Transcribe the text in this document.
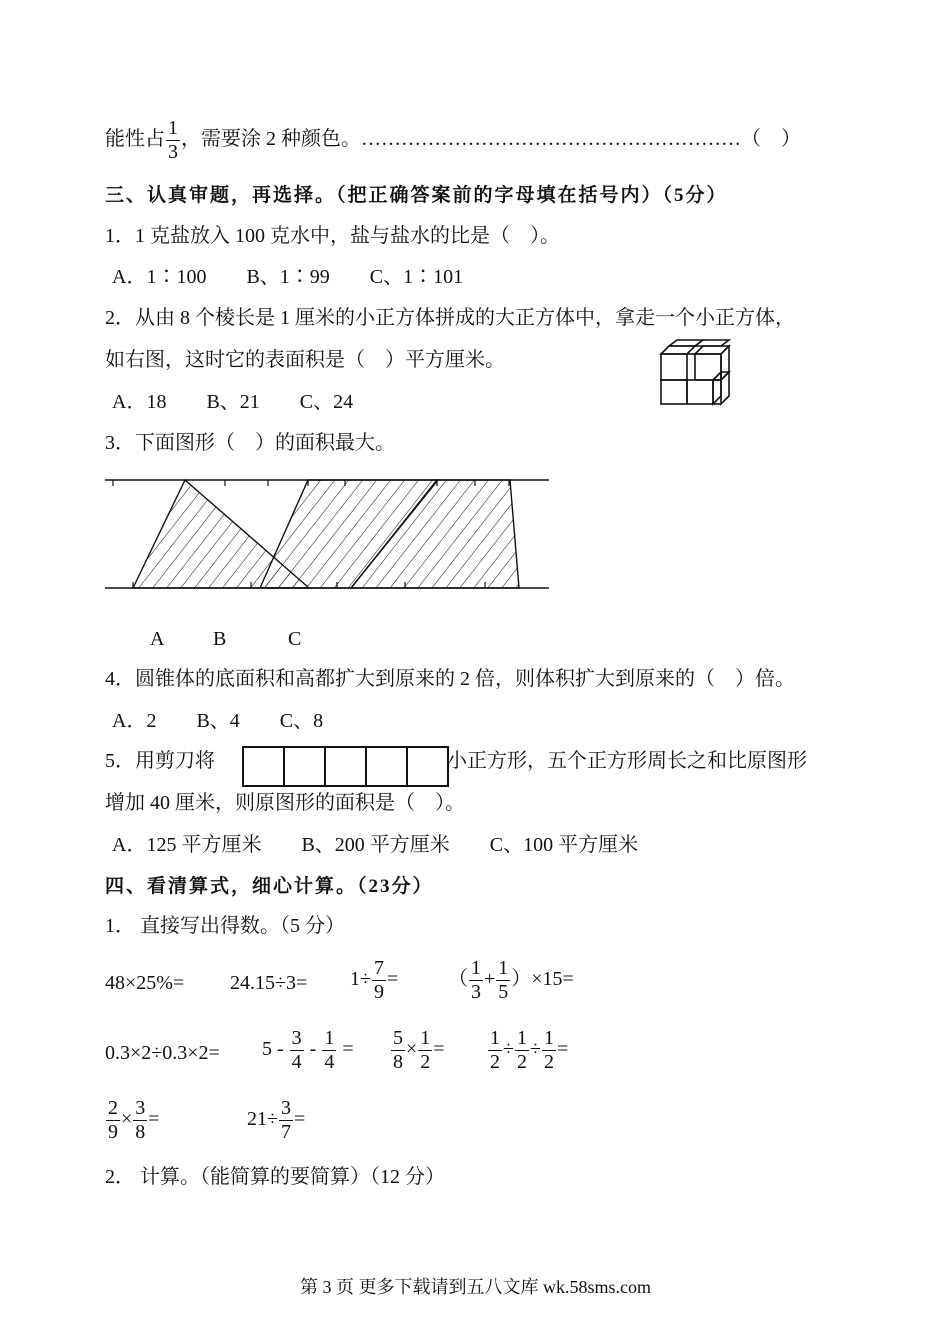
能性占 $\frac{1}{3}$ ，需要涂 2 种颜色。…………………………………………………（　）
三、认真审题，再选择。（把正确答案前的字母填在括号内）（5分）
1．1 克盐放入 100 克水中，盐与盐水的比是（　）。
A．1∶100　　B、1∶99　　C、1∶101
2．从由 8 个棱长是 1 厘米的小正方体拼成的大正方体中，拿走一个小正方体，
如右图，这时它的表面积是（　）平方厘米。
A．18　　B、21　　C、24
3．下面图形（　）的面积最大。
A B	C
4．圆锥体的底面积和高都扩大到原来的 2 倍，则体积扩大到原来的（　）倍。
A．2　　B、4　　C、8
5．用剪刀将	小正方形，五个正方形周长之和比原图形
增加 40 厘米，则原图形的面积是（　）。
A．125 平方厘米　　B、200 平方厘米　　C、100 平方厘米
四、看清算式，细心计算。（23分）
1． 直接写出得数。（5 分）
$48\times 25\%= 24.15\div 3= 1\div \frac{7}{9}$ = （ $\frac{1}{3} + \frac{1}{5} )\times 15=$
$0.3\times 2\div 0.3\times 2= 5 - \frac{3}{4} - \frac{1}{4} = \frac{5}{8} \times \frac{1}{2} = \frac{1}{2} \div \frac{1}{2} \div \frac{1}{2}$ =
$\frac{2}{9} \times \frac{3}{8}$ =	$21\div \frac{3}{7}$ =
2． 计算。（能简算的要简算）（12 分）
第 3 页 更多下载请到五八文库 wk.58sms.com
